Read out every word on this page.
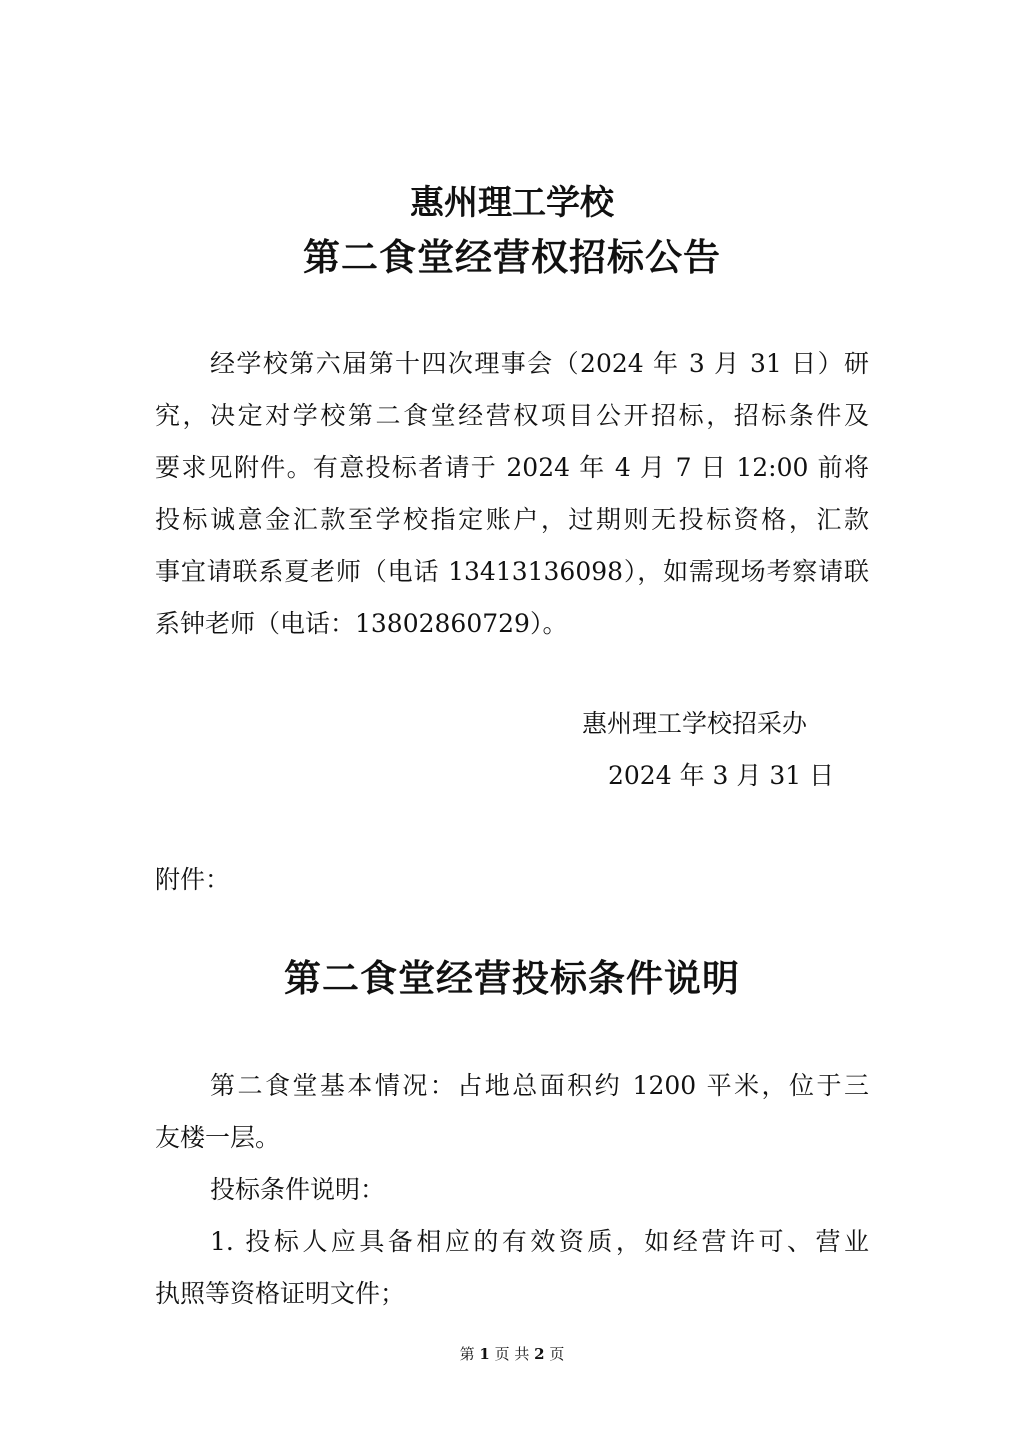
惠州理工学校
第二食堂经营权招标公告

经学校第六届第十四次理事会（2024 年 3 月 31 日）研

究，决定对学校第二食堂经营权项目公开招标，招标条件及

要求见附件。有意投标者请于 2024 年 4 月 7 日 12:00 前将

投标诚意金汇款至学校指定账户，过期则无投标资格，汇款

事宜请联系夏老师（电话 13413136098），如需现场考察请联

系钟老师（电话：13802860729）。

惠州理工学校招采办

2024 年 3 月 31 日

附件：

第二食堂经营投标条件说明

第二食堂基本情况：占地总面积约 1200 平米，位于三

友楼一层。

投标条件说明：

1. 投标人应具备相应的有效资质，如经营许可、营业

执照等资格证明文件；

第 1 页 共 2 页
